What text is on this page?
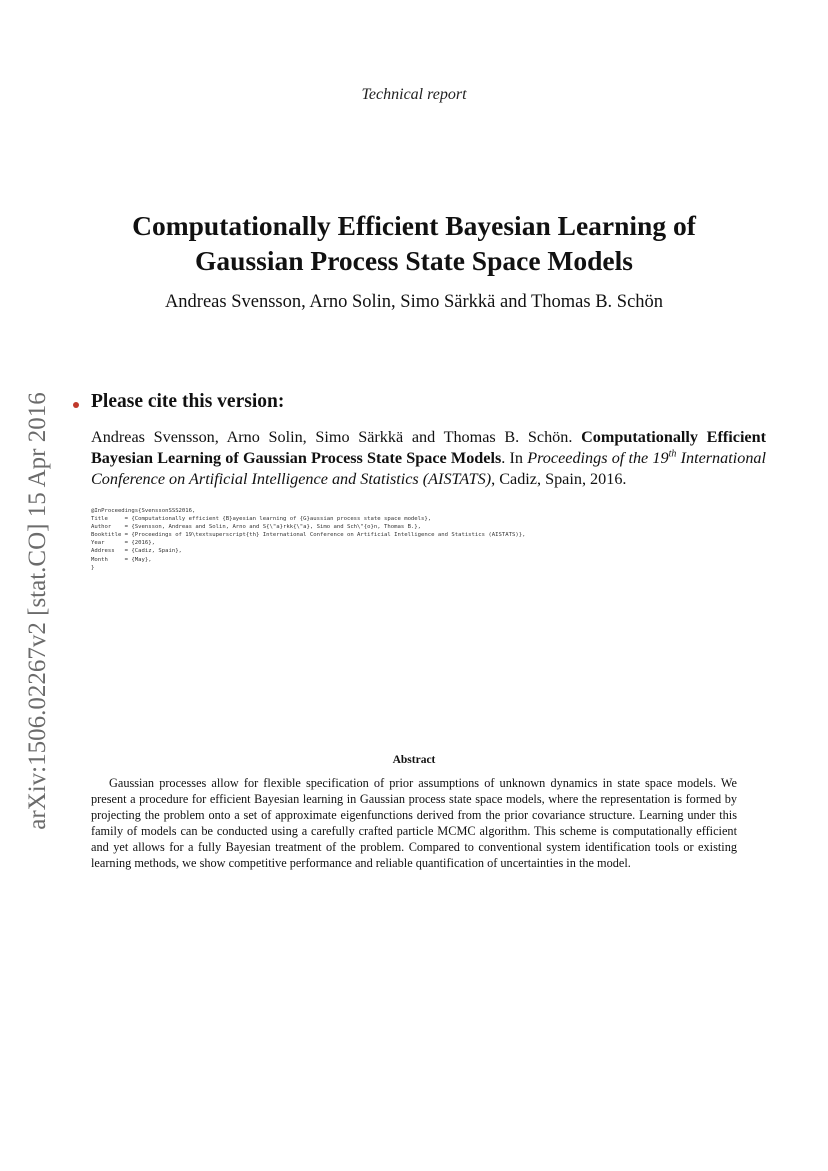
Technical report
arXiv:1506.02267v2 [stat.CO] 15 Apr 2016
Computationally Efficient Bayesian Learning of
Gaussian Process State Space Models
Andreas Svensson, Arno Solin, Simo Särkkä and Thomas B. Schön
Please cite this version:
Andreas Svensson, Arno Solin, Simo Särkkä and Thomas B. Schön. Computationally Efficient Bayesian Learning of Gaussian Process State Space Models. In Proceedings of the 19th International Conference on Artificial Intelligence and Statistics (AISTATS), Cadiz, Spain, 2016.
@InProceedings{SvenssonSSS2016,
Title     = {Computationally efficient {B}ayesian learning of {G}aussian process state space models},
Author    = {Svensson, Andreas and Solin, Arno and S{\"a}rkk{\"a}, Simo and Sch\"{o}n, Thomas B.},
Booktitle = {Proceedings of 19\textsuperscript{th} International Conference on Artificial Intelligence and Statistics (AISTATS)},
Year      = {2016},
Address   = {Cadiz, Spain},
Month     = {May},
}
Abstract
Gaussian processes allow for flexible specification of prior assumptions of unknown dynamics in state space models. We present a procedure for efficient Bayesian learning in Gaussian process state space models, where the representation is formed by projecting the problem onto a set of approximate eigenfunctions derived from the prior covariance structure. Learning under this family of models can be conducted using a carefully crafted particle MCMC algorithm. This scheme is computationally efficient and yet allows for a fully Bayesian treatment of the problem. Compared to conventional system identification tools or existing learning methods, we show competitive performance and reliable quantification of uncertainties in the model.
